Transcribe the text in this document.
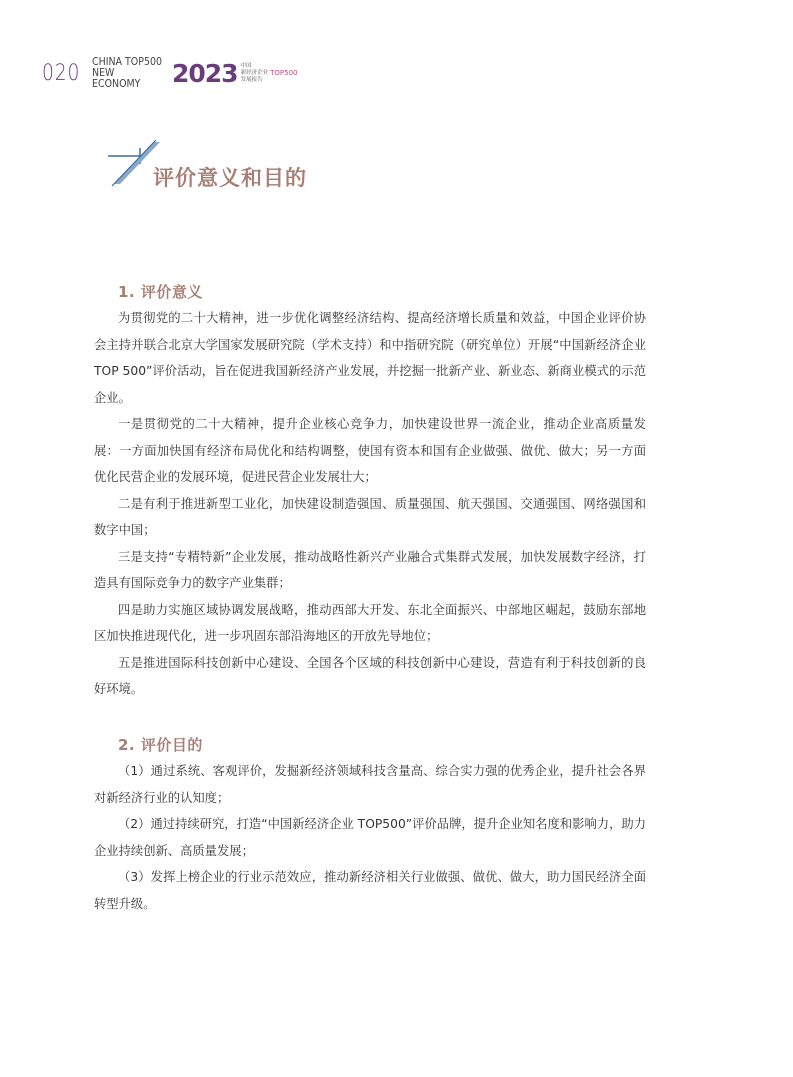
020 CHINA TOP500
NEW ECONOMY	2023 中国
新经济企业
发展报告
TOP500
评价意义和目的
1. 评价意义

为贯彻党的二十大精神，进一步优化调整经济结构、提高经济增长质量和效益，中国企业评价协会主持并联合北京大学国家发展研究院（学术支持）和中指研究院（研究单位）开展“中国新经济企业 TOP 500”评价活动，旨在促进我国新经济产业发展，并挖掘一批新产业、新业态、新商业模式的示范企业。

一是贯彻党的二十大精神，提升企业核心竞争力，加快建设世界一流企业，推动企业高质量发展：一方面加快国有经济布局优化和结构调整，使国有资本和国有企业做强、做优、做大；另一方面优化民营企业的发展环境，促进民营企业发展壮大；

二是有利于推进新型工业化，加快建设制造强国、质量强国、航天强国、交通强国、网络强国和数字中国；

三是支持“专精特新”企业发展，推动战略性新兴产业融合式集群式发展，加快发展数字经济，打造具有国际竞争力的数字产业集群；

四是助力实施区域协调发展战略，推动西部大开发、东北全面振兴、中部地区崛起，鼓励东部地区加快推进现代化，进一步巩固东部沿海地区的开放先导地位；

五是推进国际科技创新中心建设、全国各个区域的科技创新中心建设，营造有利于科技创新的良好环境。

2. 评价目的

（1）通过系统、客观评价，发掘新经济领域科技含量高、综合实力强的优秀企业，提升社会各界对新经济行业的认知度；

（2）通过持续研究，打造“中国新经济企业 TOP500”评价品牌，提升企业知名度和影响力，助力企业持续创新、高质量发展；

（3）发挥上榜企业的行业示范效应，推动新经济相关行业做强、做优、做大，助力国民经济全面转型升级。
